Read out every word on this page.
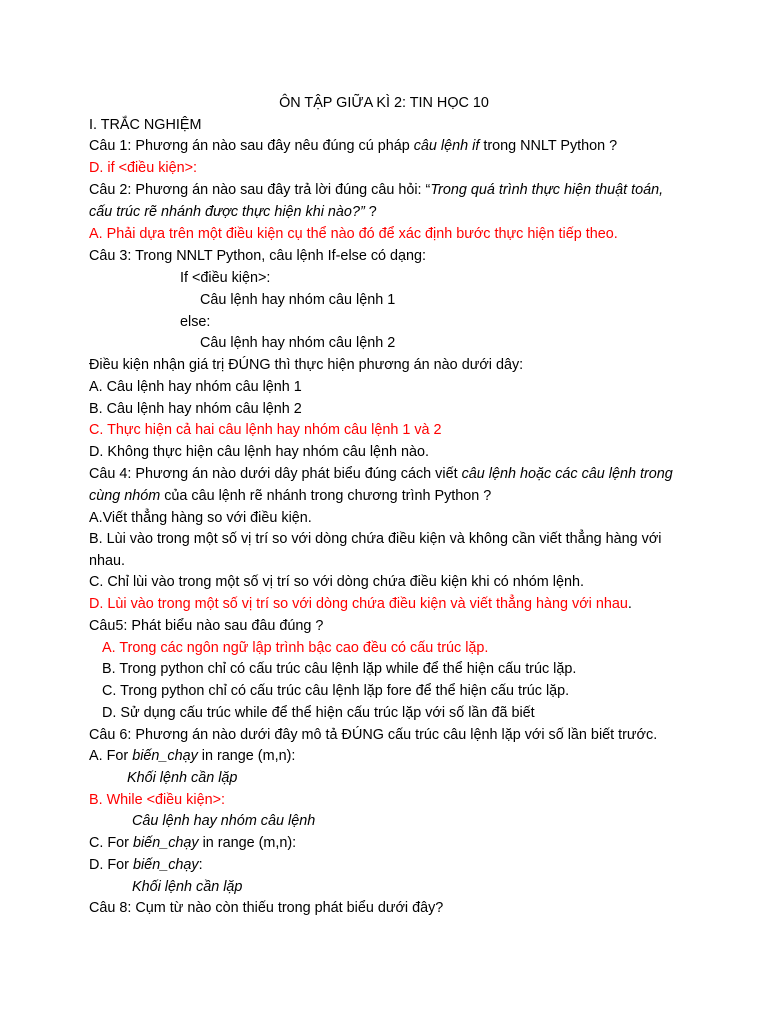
ÔN TẬP GIỮA KÌ 2: TIN HỌC 10
I. TRẮC NGHIỆM
Câu 1: Phương án nào sau đây nêu đúng cú pháp câu lệnh if trong NNLT Python ?
D. if <điều kiện>:
Câu 2: Phương án nào sau đây trả lời đúng câu hỏi: “Trong quá trình thực hiện thuật toán,
cấu trúc rẽ nhánh được thực hiện khi nào?” ?
A. Phải dựa trên một điều kiện cụ thể nào đó để xác định bước thực hiện tiếp theo.
Câu 3: Trong NNLT Python, câu lệnh If-else có dạng:
If <điều kiện>:
Câu lệnh hay nhóm câu lệnh 1
else:
Câu lệnh hay nhóm câu lệnh 2
Điều kiện nhận giá trị ĐÚNG thì thực hiện phương án nào dưới dây:
A. Câu lệnh hay nhóm câu lệnh 1
B. Câu lệnh hay nhóm câu lệnh 2
C. Thực hiện cả hai câu lệnh hay nhóm câu lệnh 1 và 2
D. Không thực hiện câu lệnh hay nhóm câu lệnh nào.
Câu 4: Phương án nào dưới dây phát biểu đúng cách viết câu lệnh hoặc các câu lệnh trong
cùng nhóm của câu lệnh rẽ nhánh trong chương trình Python ?
A.Viết thẳng hàng so với điều kiện.
B. Lùi vào trong một số vị trí so với dòng chứa điều kiện và không cần viết thẳng hàng với
nhau.
C. Chỉ lùi vào trong một số vị trí so với dòng chứa điều kiện khi có nhóm lệnh.
D. Lùi vào trong một số vị trí so với dòng chứa điều kiện và viết thẳng hàng với nhau.
Câu5: Phát biểu nào sau đâu đúng ?
A. Trong các ngôn ngữ lập trình bậc cao đều có cấu trúc lặp.
B. Trong python chỉ có cấu trúc câu lệnh lặp while để thể hiện cấu trúc lặp.
C. Trong python chỉ có cấu trúc câu lệnh lặp fore để thể hiện cấu trúc lặp.
D. Sử dụng cấu trúc while để thể hiện cấu trúc lặp với số lần đã biết
Câu 6: Phương án nào dưới đây mô tả ĐÚNG cấu trúc câu lệnh lặp với số lần biết trước.
A. For biến_chạy in range (m,n):
Khối lệnh cần lặp
B. While <điều kiện>:
Câu lệnh hay nhóm câu lệnh
C. For biến_chạy in range (m,n):
D. For biến_chạy:
Khối lệnh cần lặp
Câu 8: Cụm từ nào còn thiếu trong phát biểu dưới đây?
